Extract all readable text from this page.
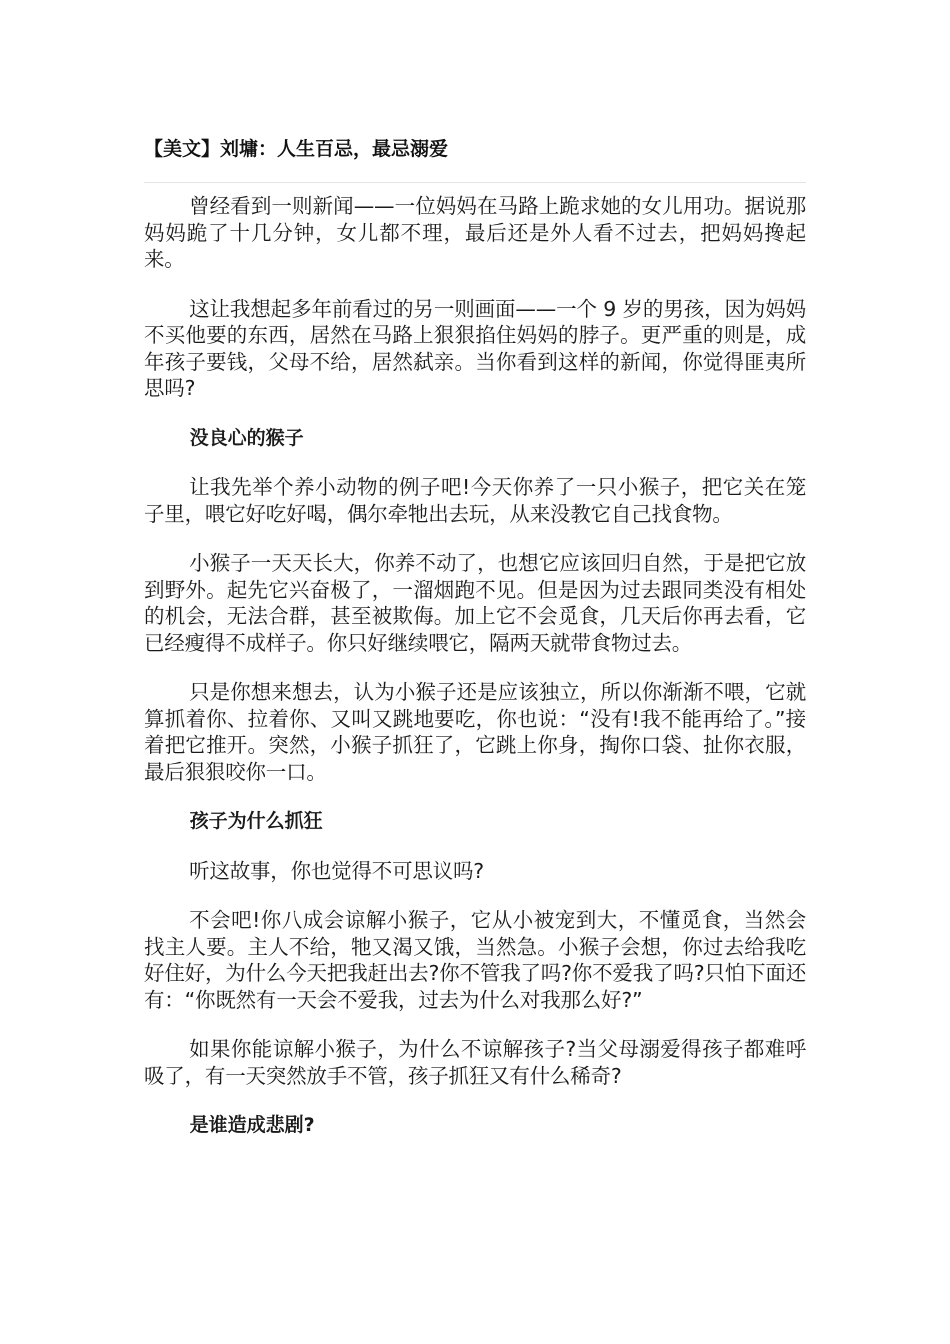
【美文】刘墉：人生百忌，最忌溺爱

曾经看到一则新闻——一位妈妈在马路上跪求她的女儿用功。据说那妈妈跪了十几分钟，女儿都不理，最后还是外人看不过去，把妈妈搀起来。

这让我想起多年前看过的另一则画面——一个 9 岁的男孩，因为妈妈不买他要的东西，居然在马路上狠狠掐住妈妈的脖子。更严重的则是，成年孩子要钱，父母不给，居然弑亲。当你看到这样的新闻，你觉得匪夷所思吗?

没良心的猴子

让我先举个养小动物的例子吧!今天你养了一只小猴子，把它关在笼子里，喂它好吃好喝，偶尔牵牠出去玩，从来没教它自己找食物。

小猴子一天天长大，你养不动了，也想它应该回归自然，于是把它放到野外。起先它兴奋极了，一溜烟跑不见。但是因为过去跟同类没有相处的机会，无法合群，甚至被欺侮。加上它不会觅食，几天后你再去看，它已经瘦得不成样子。你只好继续喂它，隔两天就带食物过去。

只是你想来想去，认为小猴子还是应该独立，所以你渐渐不喂，它就算抓着你、拉着你、又叫又跳地要吃，你也说：“没有!我不能再给了。”接着把它推开。突然，小猴子抓狂了，它跳上你身，掏你口袋、扯你衣服，最后狠狠咬你一口。

孩子为什么抓狂

听这故事，你也觉得不可思议吗?

不会吧!你八成会谅解小猴子，它从小被宠到大，不懂觅食，当然会找主人要。主人不给，牠又渴又饿，当然急。小猴子会想，你过去给我吃好住好，为什么今天把我赶出去?你不管我了吗?你不爱我了吗?只怕下面还有：“你既然有一天会不爱我，过去为什么对我那么好?”

如果你能谅解小猴子，为什么不谅解孩子?当父母溺爱得孩子都难呼吸了，有一天突然放手不管，孩子抓狂又有什么稀奇?

是谁造成悲剧?
